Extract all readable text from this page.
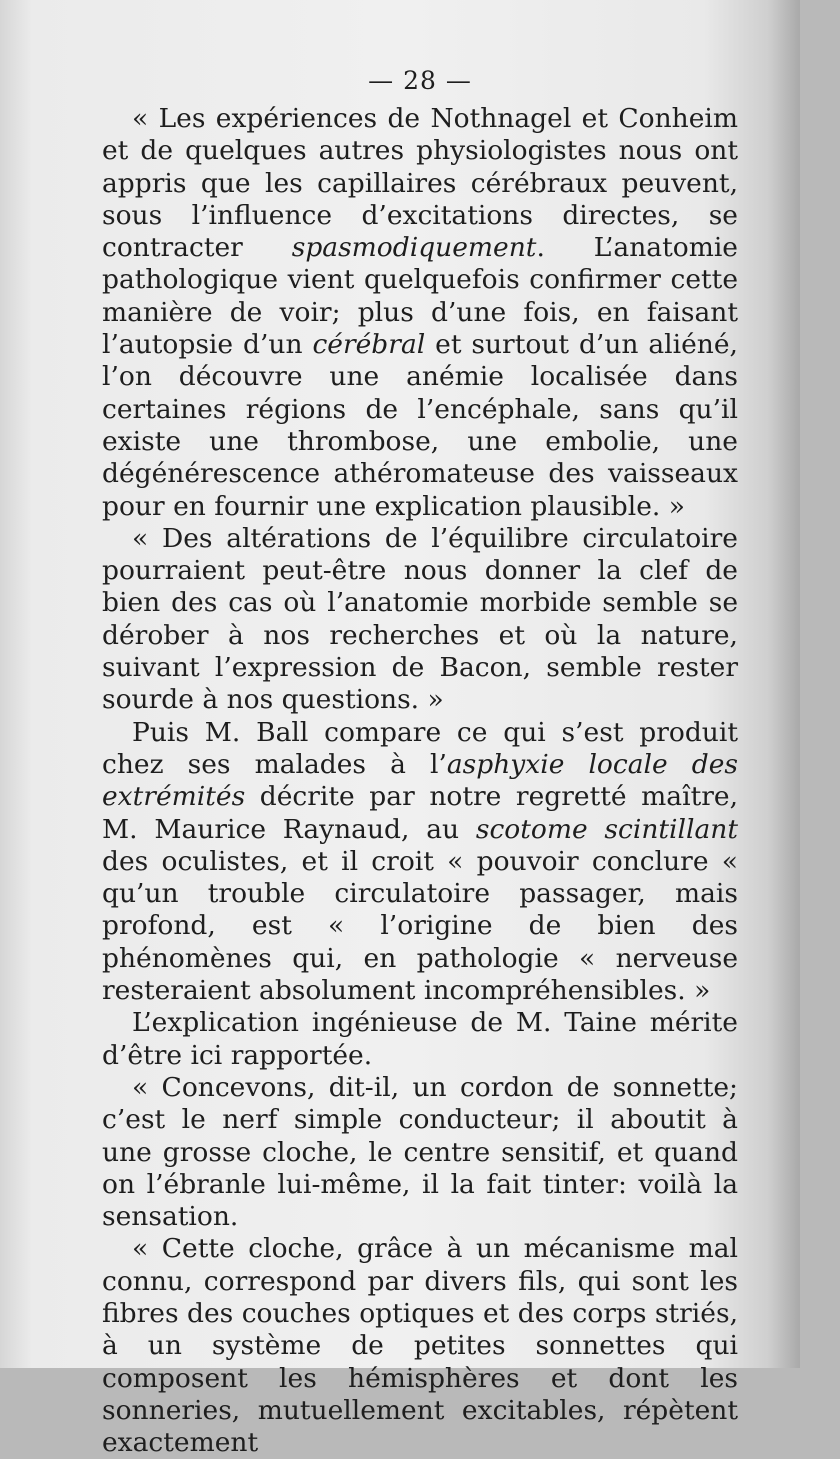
— 28 —

« Les expériences de Nothnagel et Conheim et de quelques autres physiologistes nous ont appris que les capillaires cérébraux peuvent, sous l’influence d’excitations directes, se contracter spasmodiquement. L’anatomie pathologique vient quelquefois confirmer cette manière de voir; plus d’une fois, en faisant l’autopsie d’un cérébral et surtout d’un aliéné, l’on découvre une anémie localisée dans certaines régions de l’encéphale, sans qu’il existe une thrombose, une embolie, une dégénérescence athéromateuse des vaisseaux pour en fournir une explication plausible. »

« Des altérations de l’équilibre circulatoire pourraient peut-être nous donner la clef de bien des cas où l’anatomie morbide semble se dérober à nos recherches et où la nature, suivant l’expression de Bacon, semble rester sourde à nos questions. »

Puis M. Ball compare ce qui s’est produit chez ses malades à l’asphyxie locale des extrémités décrite par notre regretté maître, M. Maurice Raynaud, au scotome scintillant des oculistes, et il croit « pouvoir conclure « qu’un trouble circulatoire passager, mais profond, est « l’origine de bien des phénomènes qui, en pathologie « nerveuse resteraient absolument incompréhensibles. »

L’explication ingénieuse de M. Taine mérite d’être ici rapportée.

« Concevons, dit-il, un cordon de sonnette; c’est le nerf simple conducteur; il aboutit à une grosse cloche, le centre sensitif, et quand on l’ébranle lui-même, il la fait tinter: voilà la sensation.

« Cette cloche, grâce à un mécanisme mal connu, correspond par divers fils, qui sont les fibres des couches optiques et des corps striés, à un système de petites sonnettes qui composent les hémisphères et dont les sonneries, mutuellement excitables, répètent exactement
